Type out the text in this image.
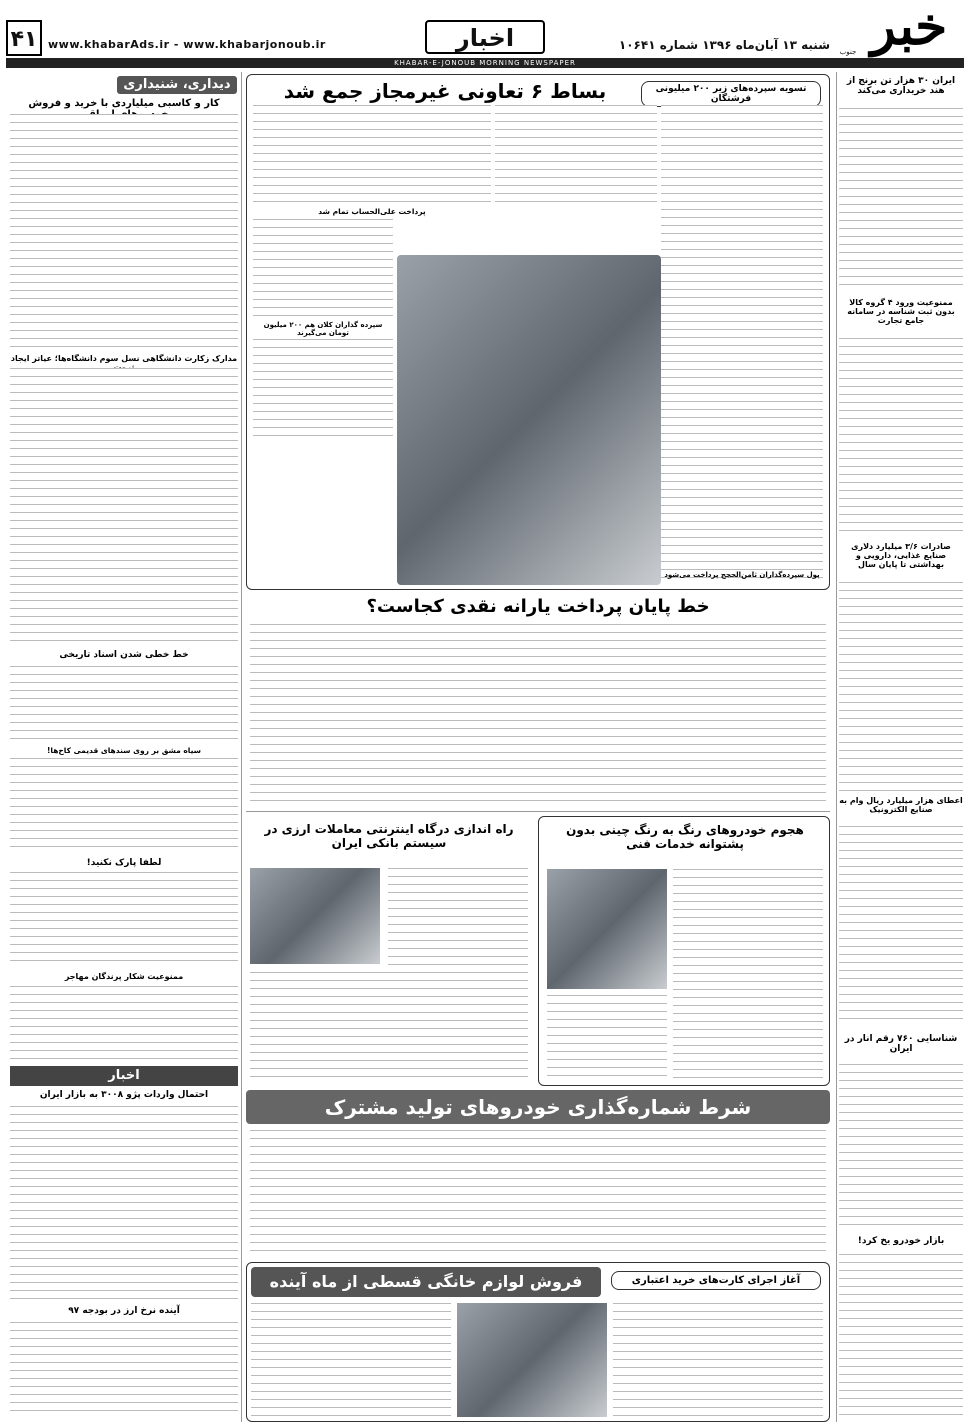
خبر
جنوب
شنبه ۱۳ آبان‌ماه ۱۳۹۶ شماره ۱۰۶۴۱
اخبار
www.khabarAds.ir - www.khabarjonoub.ir
۴۱
KHABAR-E-JONOUB MORNING NEWSPAPER
دیداری، شنیداری
کار و کاسبی میلیاردی با خرید و فروش
مدارک زکارت دانشگاهی نسل سوم دانشگاه‌ها؛ عیاتر ایجاد
خط خطی شدن اسناد تاریخی
سیاه مشق بر روی سندهای قدیمی کاخ‌ها!
لطفا پارک نکنید!
ممنوعیت شکار پرندگان مهاجر
اخبار
احتمال واردات پژو ۳۰۰۸ به بازار ایران
آینده نرخ ارز در بودجه ۹۷
تسویه سپرده‌های زیر ۲۰۰ میلیونی فرشتگان
بساط ۶ تعاونی غیرمجاز جمع شد
پرداخت علی‌الحساب تمام شد
سپرده گذاران کلان هم ۲۰۰ میلیون تومان می‌گیرند
پول سپرده‌گذاران ثامن‌الحجج پرداخت می‌شود
خط پایان پرداخت یارانه نقدی کجاست؟
هجوم خودروهای رنگ به رنگ چینی بدون پشتوانه خدمات فنی
راه اندازی درگاه اینترنتی معاملات ارزی در سیستم بانکی ایران
شرط شماره‌گذاری خودروهای تولید مشترک
فروش لوازم خانگی قسطی از ماه آینده	آغاز اجرای کارت‌های خرید اعتباری
ایران ۳۰ هزار تن برنج از هند خریداری می‌کند
ممنوعیت ورود ۴ گروه کالا بدون ثبت شناسه در سامانه جامع تجارت
صادرات ۳/۶ میلیارد دلاری صنایع غذایی، دارویی و بهداشتی تا پایان سال
اعطای هزار میلیارد ریال وام به صنایع الکترونیک
شناسایی ۷۶۰ رقم انار در ایران
بازار خودرو یخ کرد!
